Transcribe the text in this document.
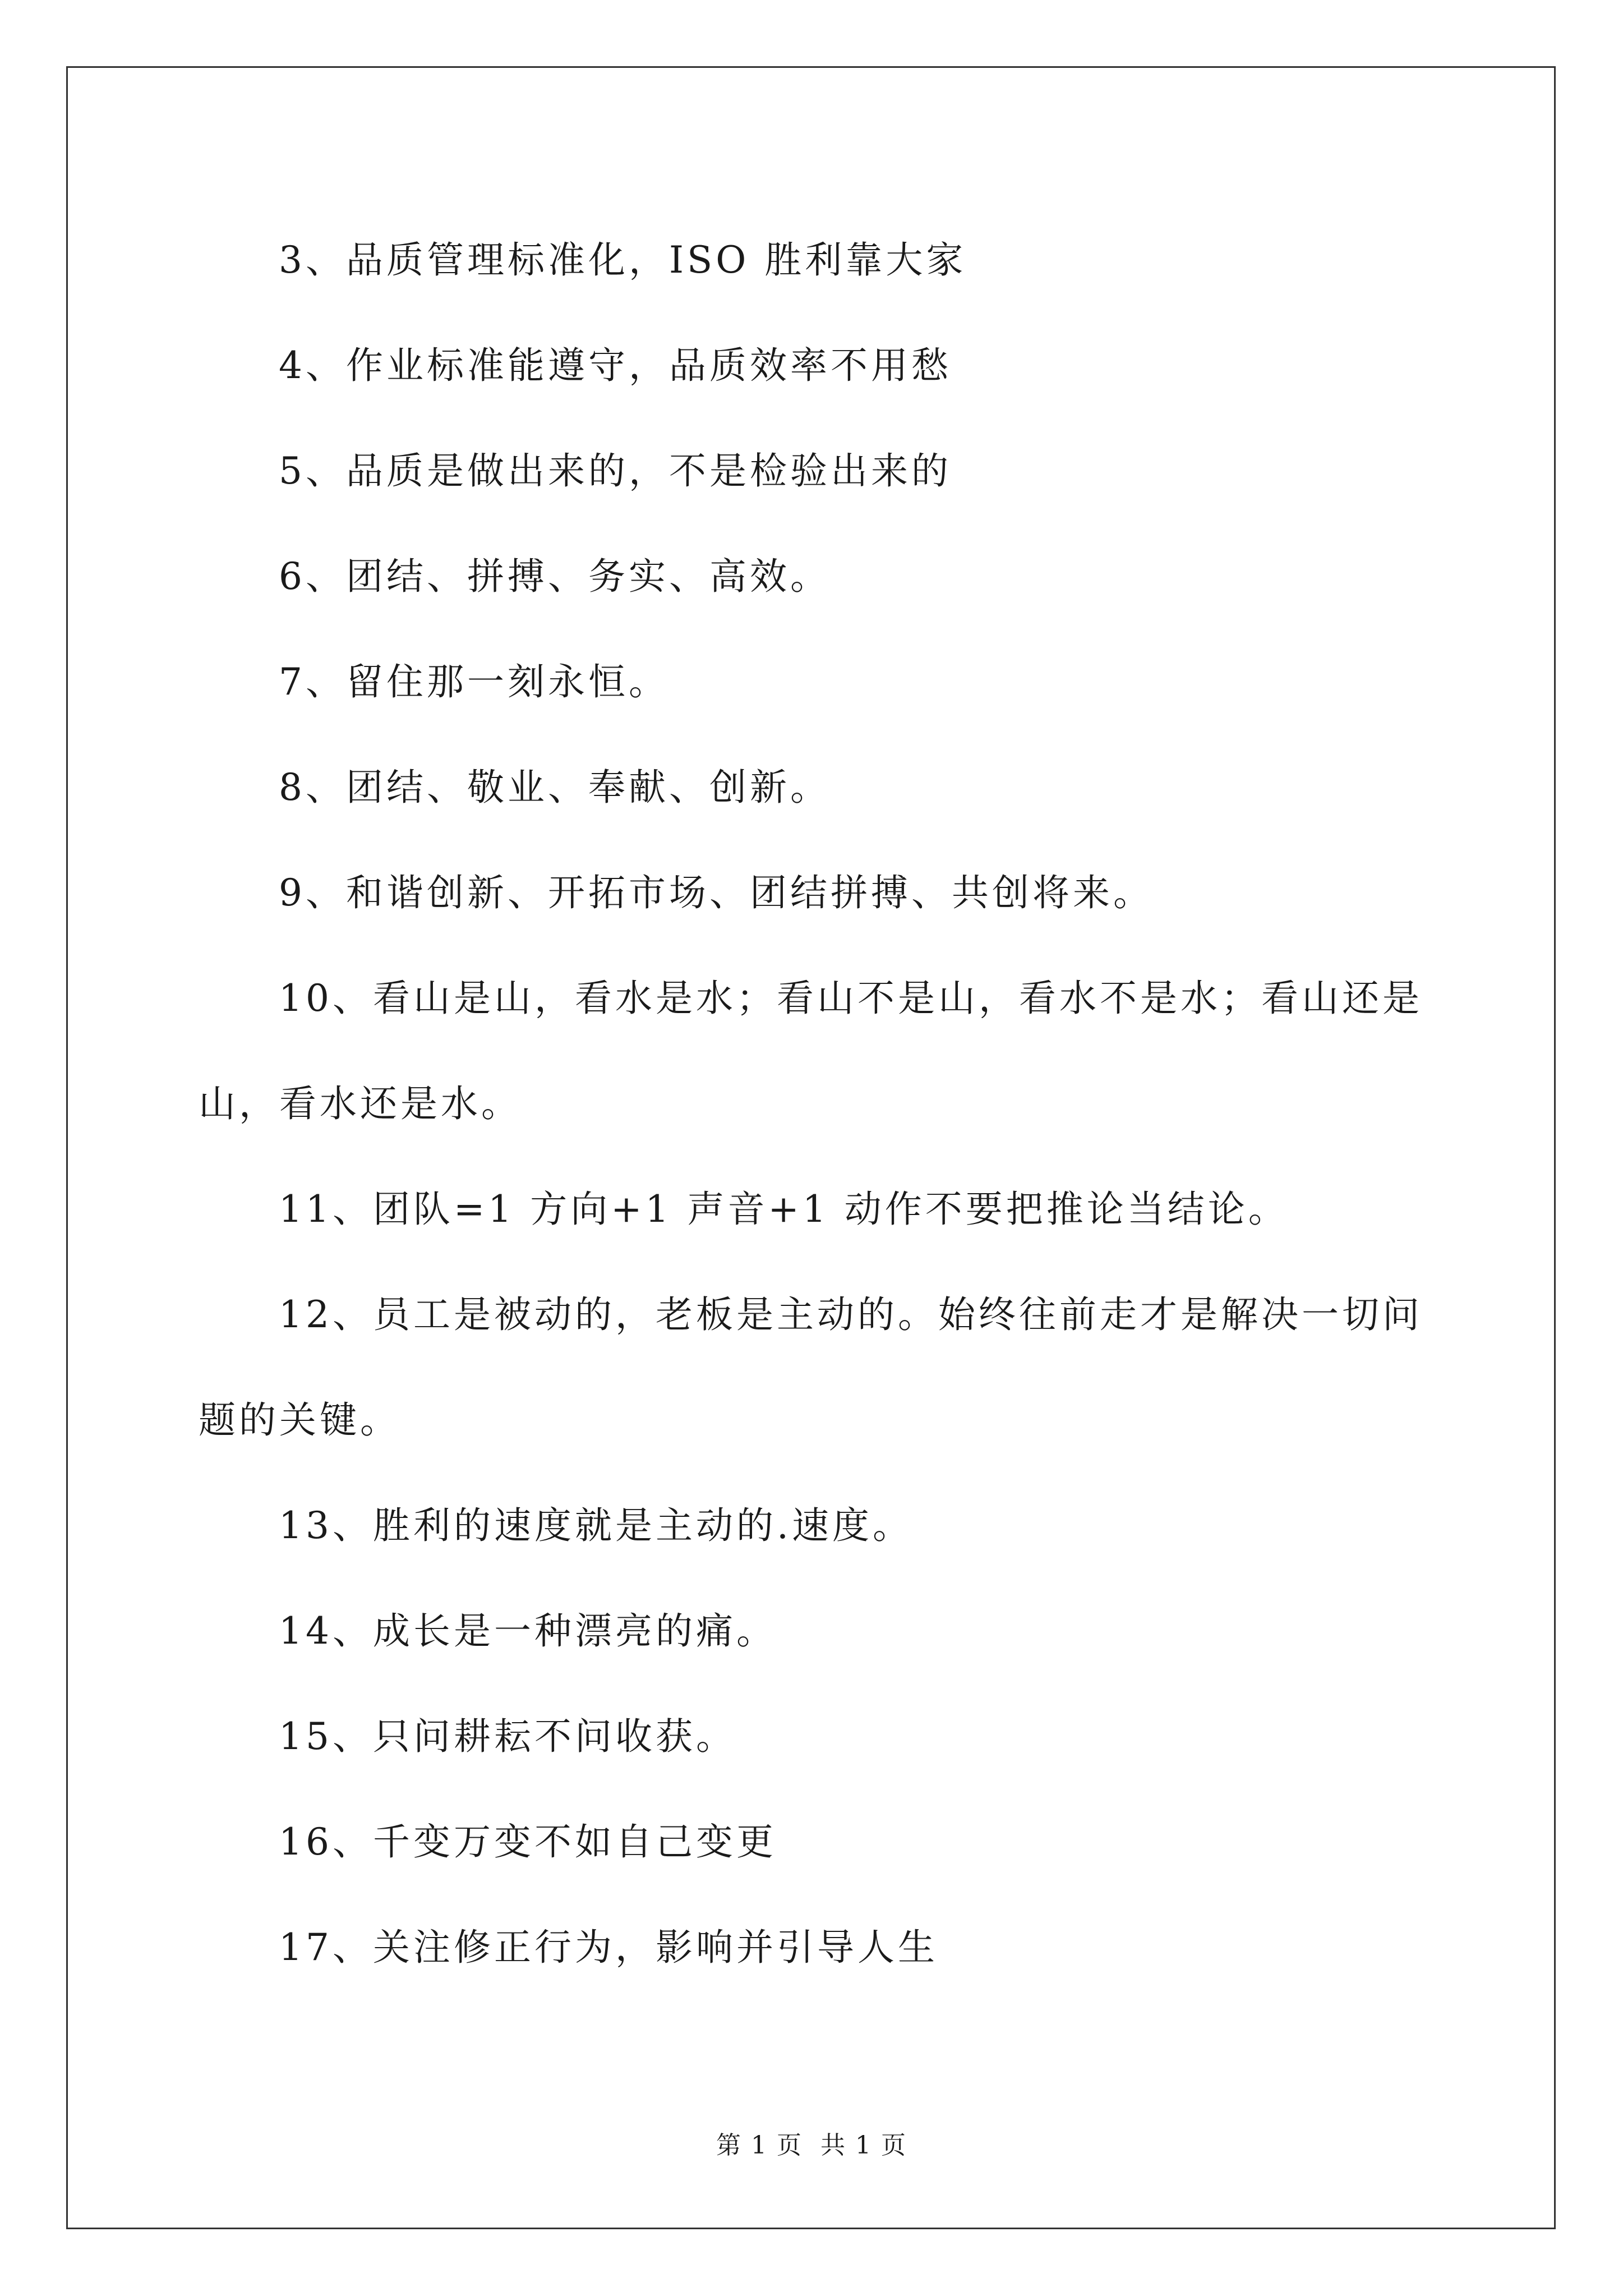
3、品质管理标准化，ISO 胜利靠大家

4、作业标准能遵守，品质效率不用愁

5、品质是做出来的，不是检验出来的

6、团结、拼搏、务实、高效。

7、留住那一刻永恒。

8、团结、敬业、奉献、创新。

9、和谐创新、开拓市场、团结拼搏、共创将来。

10、看山是山，看水是水；看山不是山，看水不是水；看山还是山，看水还是水。

11、团队=1 方向+1 声音+1 动作不要把推论当结论。

12、员工是被动的，老板是主动的。始终往前走才是解决一切问题的关键。

13、胜利的速度就是主动的.速度。

14、成长是一种漂亮的痛。

15、只问耕耘不问收获。

16、千变万变不如自己变更

17、关注修正行为，影响并引导人生

第 1 页 共 1 页
